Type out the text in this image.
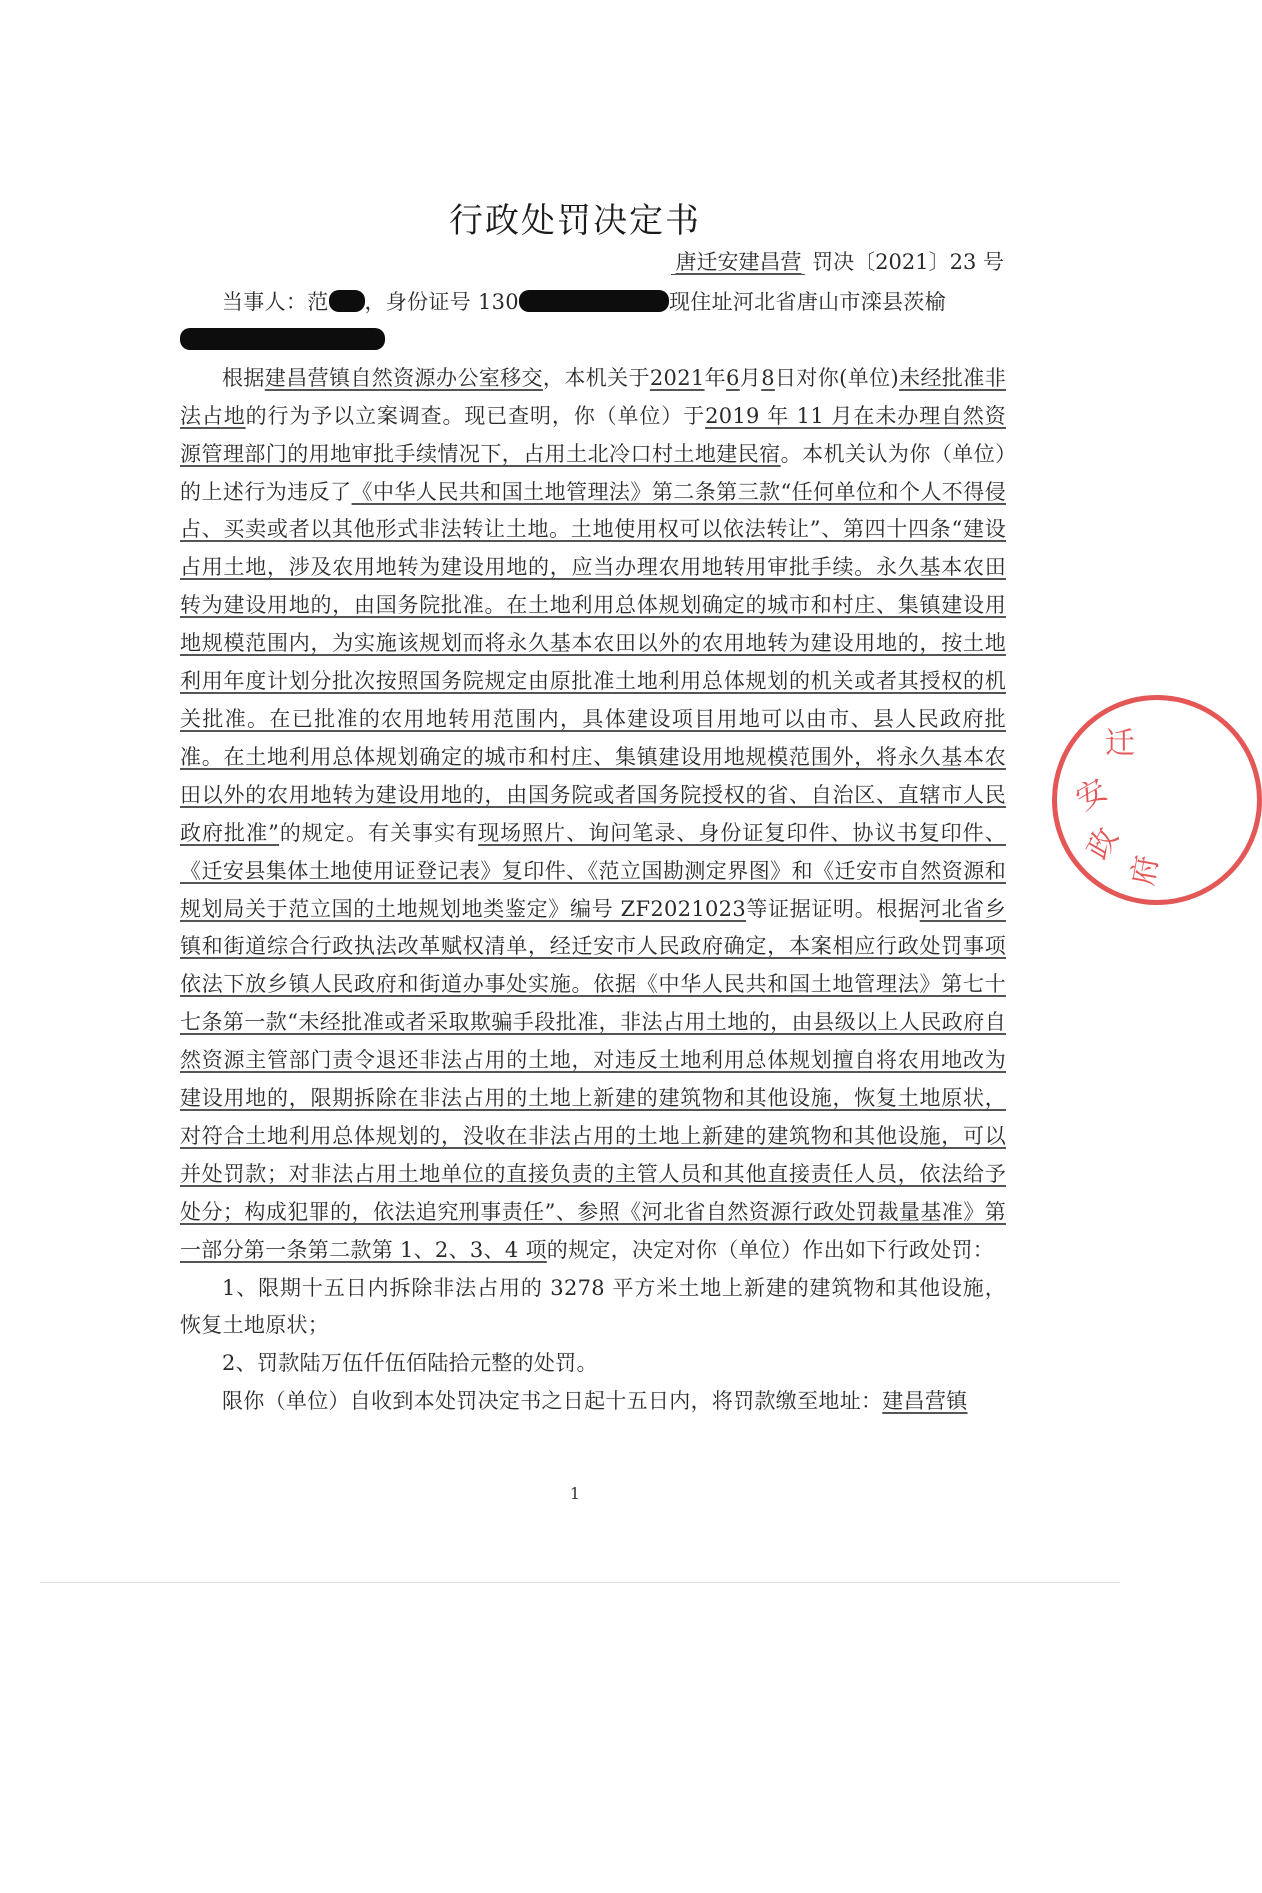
行政处罚决定书
唐迁安建昌营 罚决〔2021〕23 号

当事人：范 ，身份证号 130	现住址河北省唐山市滦县茨榆

根据建昌营镇自然资源办公室移交，本机关于2021年6月8日对你(单位)未经批准非法占地的行为予以立案调查。现已查明，你（单位）于2019 年 11 月在未办理自然资源管理部门的用地审批手续情况下，占用土北冷口村土地建民宿。本机关认为你（单位）的上述行为违反了《中华人民共和国土地管理法》第二条第三款“任何单位和个人不得侵占、买卖或者以其他形式非法转让土地。土地使用权可以依法转让”、第四十四条“建设占用土地，涉及农用地转为建设用地的，应当办理农用地转用审批手续。永久基本农田转为建设用地的，由国务院批准。在土地利用总体规划确定的城市和村庄、集镇建设用地规模范围内，为实施该规划而将永久基本农田以外的农用地转为建设用地的，按土地利用年度计划分批次按照国务院规定由原批准土地利用总体规划的机关或者其授权的机关批准。在已批准的农用地转用范围内，具体建设项目用地可以由市、县人民政府批准。在土地利用总体规划确定的城市和村庄、集镇建设用地规模范围外，将永久基本农田以外的农用地转为建设用地的，由国务院或者国务院授权的省、自治区、直辖市人民政府批准”的规定。有关事实有现场照片、询问笔录、身份证复印件、协议书复印件、《迁安县集体土地使用证登记表》复印件、《范立国勘测定界图》和《迁安市自然资源和规划局关于范立国的土地规划地类鉴定》编号 ZF2021023等证据证明。根据河北省乡镇和街道综合行政执法改革赋权清单，经迁安市人民政府确定，本案相应行政处罚事项依法下放乡镇人民政府和街道办事处实施。依据《中华人民共和国土地管理法》第七十七条第一款“未经批准或者采取欺骗手段批准，非法占用土地的，由县级以上人民政府自然资源主管部门责令退还非法占用的土地，对违反土地利用总体规划擅自将农用地改为建设用地的，限期拆除在非法占用的土地上新建的建筑物和其他设施，恢复土地原状，对符合土地利用总体规划的，没收在非法占用的土地上新建的建筑物和其他设施，可以并处罚款；对非法占用土地单位的直接负责的主管人员和其他直接责任人员，依法给予处分；构成犯罪的，依法追究刑事责任”、参照《河北省自然资源行政处罚裁量基准》第一部分第一条第二款第 1、2、3、4 项的规定，决定对你（单位）作出如下行政处罚：

1、限期十五日内拆除非法占用的 3278 平方米土地上新建的建筑物和其他设施，恢复土地原状；

2、罚款陆万伍仟伍佰陆拾元整的处罚。

限你（单位）自收到本处罚决定书之日起十五日内，将罚款缴至地址：建昌营镇

1
迁
安
政
府
